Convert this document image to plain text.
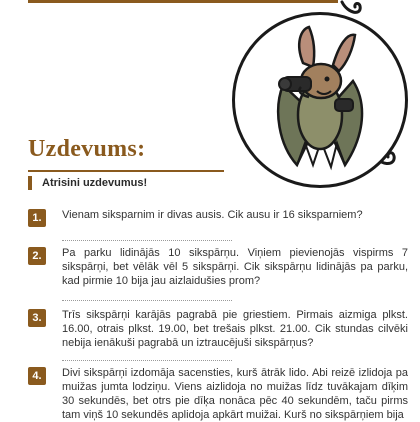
Uzdevums:
Atrisini uzdevumus!
1.	Vienam siksparnim ir divas ausis. Cik ausu ir 16 siksparniem?
2.	Pa parku lidinājās 10 sikspārņu. Viņiem pievienojās vispirms 7 sikspārņi, bet vēlāk vēl 5 sikspārņi. Cik sikspārņu lidinājās pa parku, kad pirmie 10 bija jau aizlaidušies prom?
3.	Trīs sikspārņi karājās pagrabā pie griestiem. Pirmais aizmiga plkst. 16.00, otrais plkst. 19.00, bet trešais plkst. 21.00. Cik stundas cilvēki nebija ienākuši pagrabā un iztraucējuši sikspārņus?
4.	Divi sikspārņi izdomāja sacensties, kurš ātrāk lido. Abi reizē izlidoja pa muižas jumta lodziņu. Viens aizlidoja no muižas līdz tuvākajam dīķim 30 sekundēs, bet otrs pie dīķa nonāca pēc 40 sekundēm, taču pirms tam viņš 10 sekundēs aplidoja apkārt muižai. Kurš no sikspārņiem bija
